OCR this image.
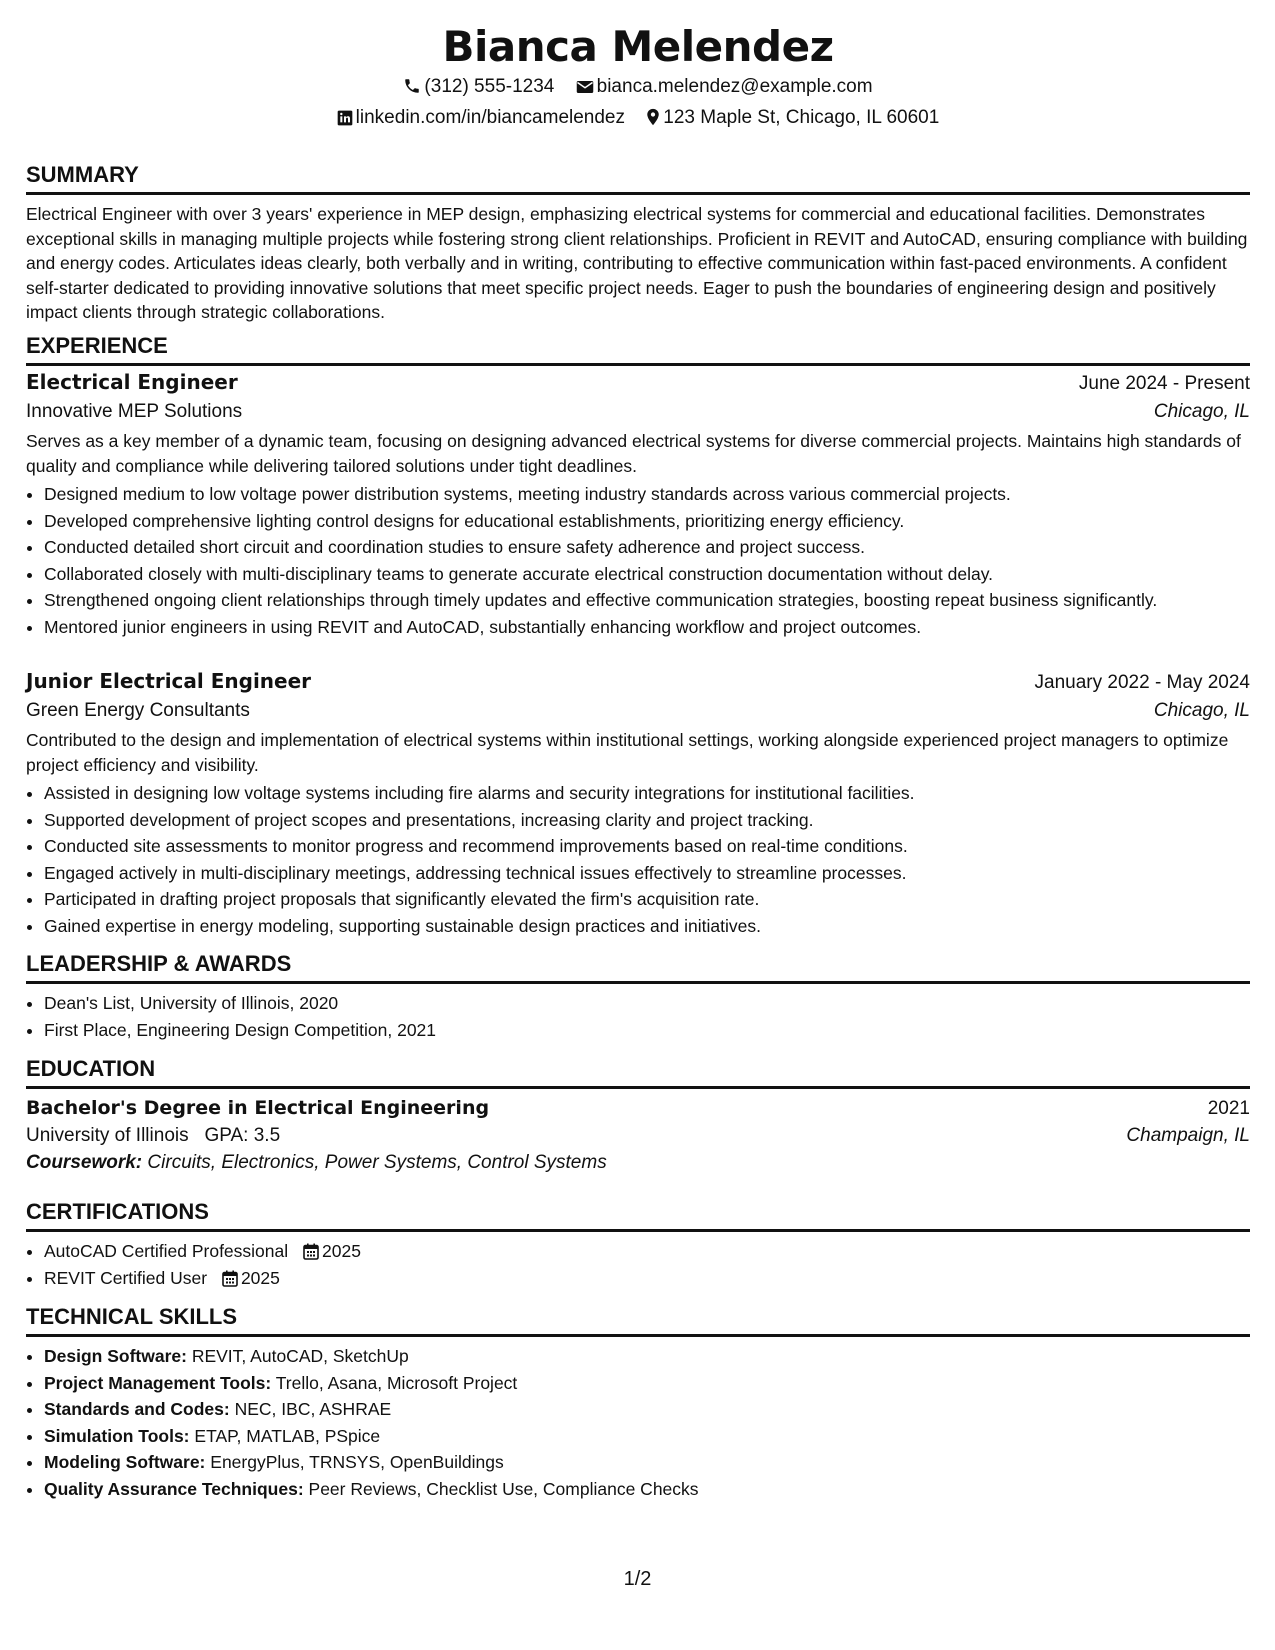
Bianca Melendez
(312) 555-1234 bianca.melendez@example.com
linkedin.com/in/biancamelendez 123 Maple St, Chicago, IL 60601
SUMMARY
Electrical Engineer with over 3 years' experience in MEP design, emphasizing electrical systems for commercial and educational facilities. Demonstrates exceptional skills in managing multiple projects while fostering strong client relationships. Proficient in REVIT and AutoCAD, ensuring compliance with building and energy codes. Articulates ideas clearly, both verbally and in writing, contributing to effective communication within fast-paced environments. A confident self-starter dedicated to providing innovative solutions that meet specific project needs. Eager to push the boundaries of engineering design and positively impact clients through strategic collaborations.
EXPERIENCE
Electrical Engineer	June 2024 - Present
Innovative MEP Solutions	Chicago, IL
Serves as a key member of a dynamic team, focusing on designing advanced electrical systems for diverse commercial projects. Maintains high standards of quality and compliance while delivering tailored solutions under tight deadlines.
• Designed medium to low voltage power distribution systems, meeting industry standards across various commercial projects.
• Developed comprehensive lighting control designs for educational establishments, prioritizing energy efficiency.
• Conducted detailed short circuit and coordination studies to ensure safety adherence and project success.
• Collaborated closely with multi-disciplinary teams to generate accurate electrical construction documentation without delay.
• Strengthened ongoing client relationships through timely updates and effective communication strategies, boosting repeat business significantly.
• Mentored junior engineers in using REVIT and AutoCAD, substantially enhancing workflow and project outcomes.
Junior Electrical Engineer	January 2022 - May 2024
Green Energy Consultants	Chicago, IL
Contributed to the design and implementation of electrical systems within institutional settings, working alongside experienced project managers to optimize project efficiency and visibility.
• Assisted in designing low voltage systems including fire alarms and security integrations for institutional facilities.
• Supported development of project scopes and presentations, increasing clarity and project tracking.
• Conducted site assessments to monitor progress and recommend improvements based on real-time conditions.
• Engaged actively in multi-disciplinary meetings, addressing technical issues effectively to streamline processes.
• Participated in drafting project proposals that significantly elevated the firm's acquisition rate.
• Gained expertise in energy modeling, supporting sustainable design practices and initiatives.
LEADERSHIP & AWARDS
• Dean's List, University of Illinois, 2020
• First Place, Engineering Design Competition, 2021
EDUCATION
Bachelor's Degree in Electrical Engineering	2021
University of Illinois GPA: 3.5	Champaign, IL
Coursework: Circuits, Electronics, Power Systems, Control Systems
CERTIFICATIONS
• AutoCAD Certified Professional 2025
• REVIT Certified User 2025
TECHNICAL SKILLS
• Design Software: REVIT, AutoCAD, SketchUp
• Project Management Tools: Trello, Asana, Microsoft Project
• Standards and Codes: NEC, IBC, ASHRAE
• Simulation Tools: ETAP, MATLAB, PSpice
• Modeling Software: EnergyPlus, TRNSYS, OpenBuildings
• Quality Assurance Techniques: Peer Reviews, Checklist Use, Compliance Checks
1/2
